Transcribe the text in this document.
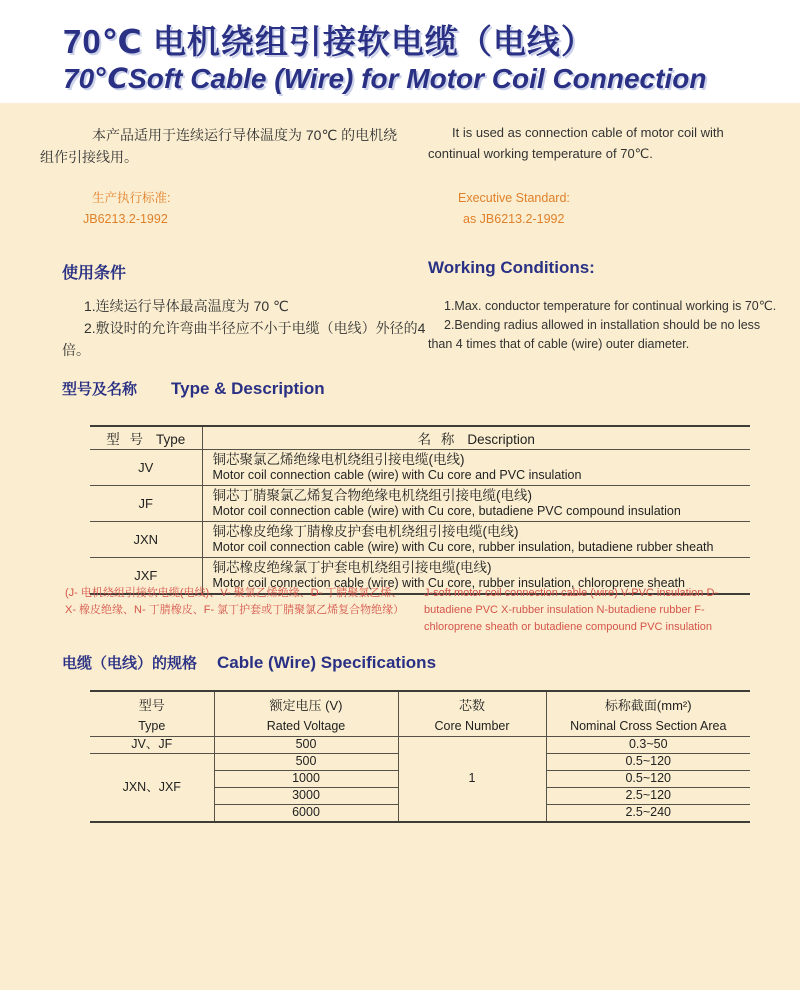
70℃ 电机绕组引接软电缆（电线）
70℃Soft Cable (Wire) for Motor Coil Connection

本产品适用于连续运行导体温度为 70℃ 的电机绕组作引接线用。

It is used as connection cable of motor coil with continual working temperature of 70℃.

生产执行标准:
JB6213.2-1992
Executive Standard:
as JB6213.2-1992
使用条件	Working Conditions:

1.连续运行导体最高温度为 70 ℃

2.敷设时的允许弯曲半径应不小于电缆（电线）外径的4 倍。

1.Max. conductor temperature for continual working is 70℃.

2.Bending radius allowed in installation should be no less than 4 times that of cable (wire) outer diameter.

型号及名称 Type & Description
型 号 Type	名 称 Description
JV	铜芯聚氯乙烯绝缘电机绕组引接电缆(电线)
Motor coil connection cable (wire) with Cu core and PVC insulation

JF	铜芯丁腈聚氯乙烯复合物绝缘电机绕组引接电缆(电线)
Motor coil connection cable (wire) with Cu core, butadiene PVC compound insulation

JXN	铜芯橡皮绝缘丁腈橡皮护套电机绕组引接电缆(电线)
Motor coil connection cable (wire) with Cu core, rubber insulation, butadiene rubber sheath

JXF	铜芯橡皮绝缘氯丁护套电机绕组引接电缆(电线)
Motor coil connection cable (wire) with Cu core, rubber insulation, chloroprene sheath

(J- 电机绕组引接软电缆(电线)、V- 聚氯乙烯绝缘、D- 丁腈聚氯乙烯、X- 橡皮绝缘、N- 丁腈橡皮、F- 氯丁护套或丁腈聚氯乙烯复合物绝缘）

J-soft motor coil connection cable (wire) V-PVC insulation D-butadiene PVC X-rubber insulation N-butadiene rubber F-chloroprene sheath or butadiene compound PVC insulation

电缆（电线）的规格 Cable (Wire) Specifications
型号
Type	额定电压 (V)
Rated Voltage	芯数
Core Number	标称截面(mm²)
Nominal Cross Section Area

JV、JF	500	1	0.3~50
JXN、JXF	500		0.5~120
	1000		0.5~120
	3000		2.5~120
	6000		2.5~240
